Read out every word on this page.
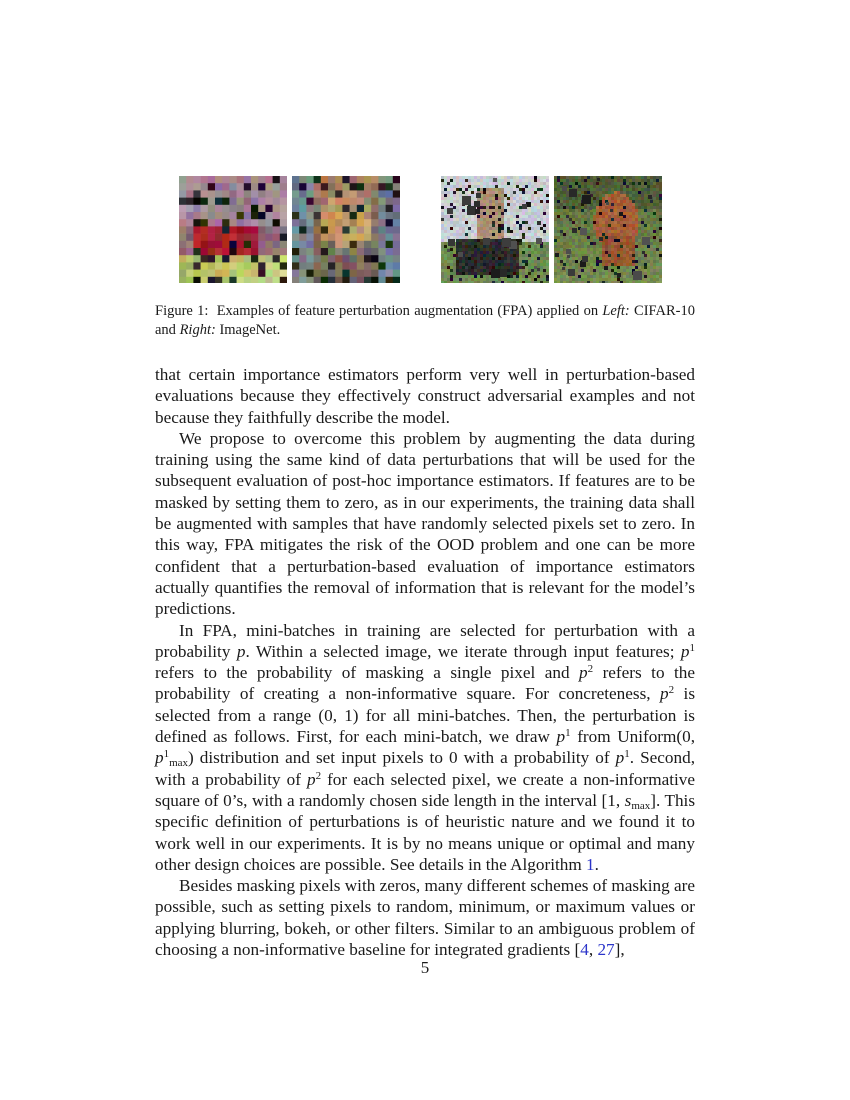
Figure 1: Examples of feature perturbation augmentation (FPA) applied on Left: CIFAR-10 and Right: ImageNet.

that certain importance estimators perform very well in perturbation-based evaluations because they effectively construct adversarial examples and not because they faithfully describe the model.

We propose to overcome this problem by augmenting the data during training using the same kind of data perturbations that will be used for the subsequent evaluation of post-hoc importance estimators. If features are to be masked by setting them to zero, as in our experiments, the training data shall be augmented with samples that have randomly selected pixels set to zero. In this way, FPA mitigates the risk of the OOD problem and one can be more confident that a perturbation-based evaluation of importance estimators actually quantifies the removal of information that is relevant for the model’s predictions.

In FPA, mini-batches in training are selected for perturbation with a probability p. Within a selected image, we iterate through input features; $p^1$ refers to the probability of masking a single pixel and $p^2$ refers to the probability of creating a non-informative square. For concreteness, $p^2$ is selected from a range (0, 1) for all mini-batches. Then, the perturbation is defined as follows. First, for each mini-batch, we draw $p^1$ from Uniform(0, $p^1_{max}$) distribution and set input pixels to 0 with a probability of $p^1$. Second, with a probability of $p^2$ for each selected pixel, we create a non-informative square of 0’s, with a randomly chosen side length in the interval [1, $s_{max}$]. This specific definition of perturbations is of heuristic nature and we found it to work well in our experiments. It is by no means unique or optimal and many other design choices are possible. See details in the Algorithm 1.

Besides masking pixels with zeros, many different schemes of masking are possible, such as setting pixels to random, minimum, or maximum values or applying blurring, bokeh, or other filters. Similar to an ambiguous problem of choosing a non-informative baseline for integrated gradients [4, 27],

5
